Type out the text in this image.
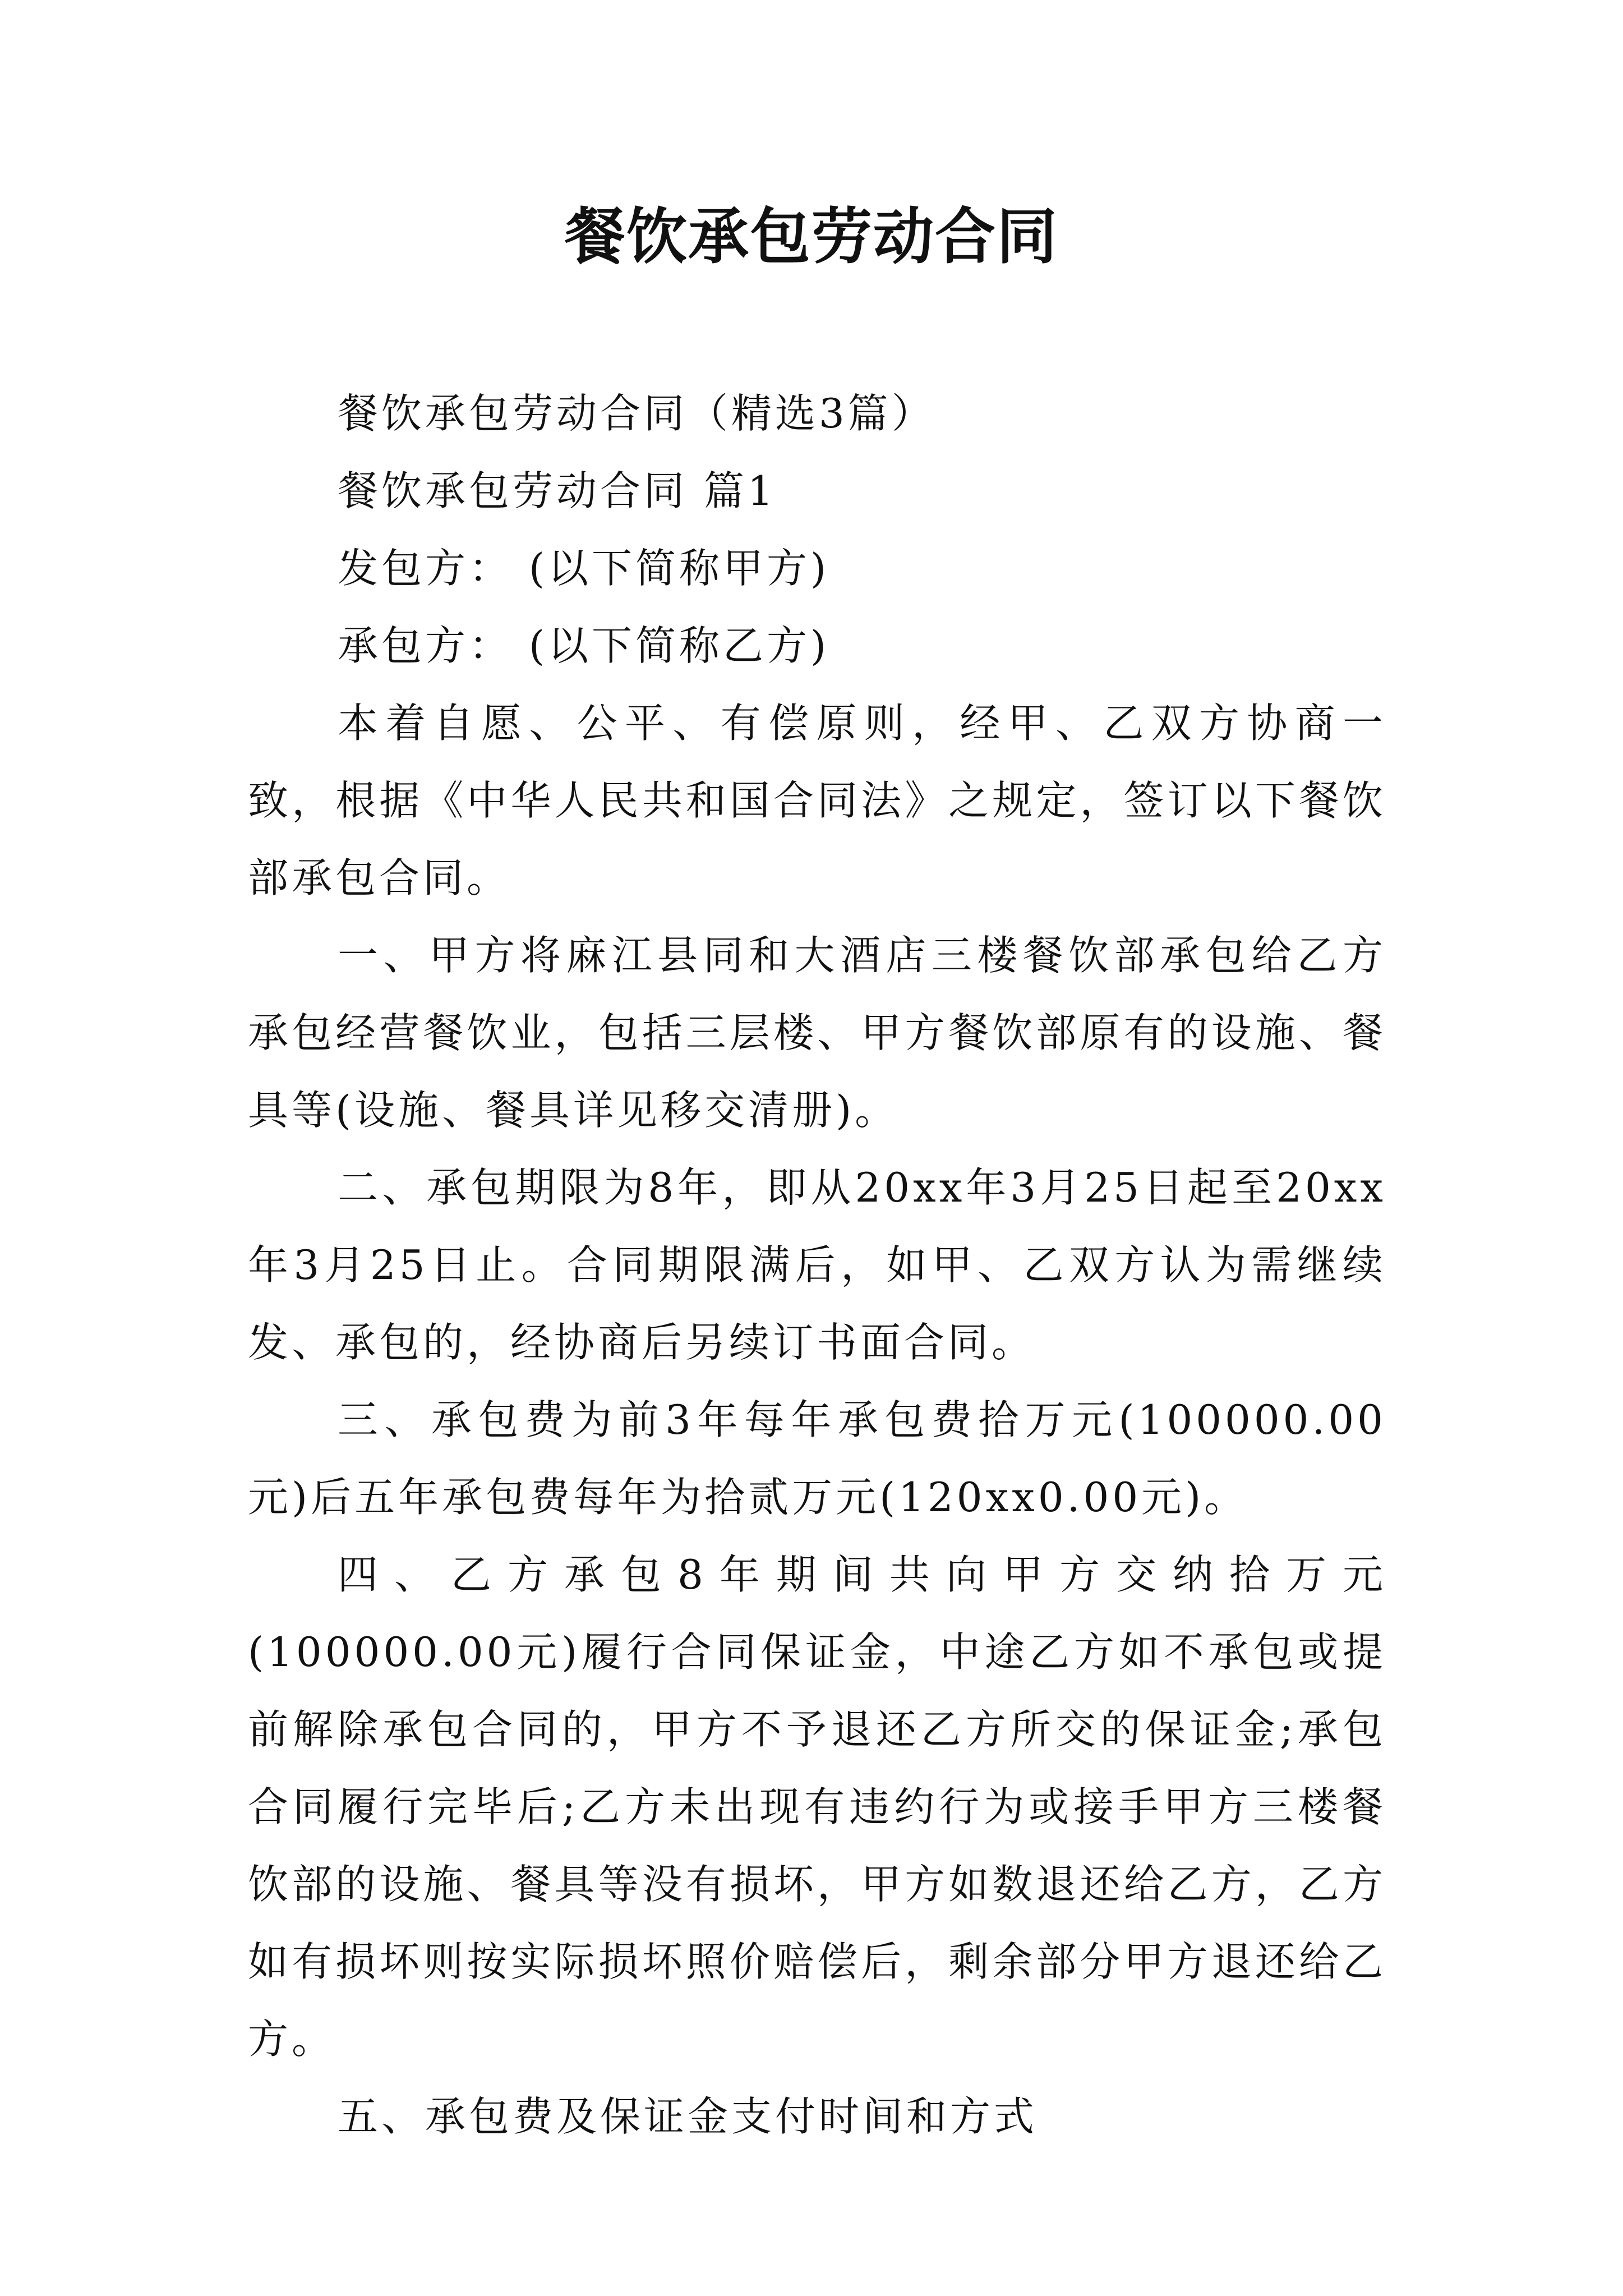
餐饮承包劳动合同

餐饮承包劳动合同（精选3篇）

餐饮承包劳动合同 篇1

发包方： (以下简称甲方)

承包方： (以下简称乙方)

本着自愿、公平、有偿原则，经甲、乙双方协商一致，根据《中华人民共和国合同法》之规定，签订以下餐饮部承包合同。

一、甲方将麻江县同和大酒店三楼餐饮部承包给乙方承包经营餐饮业，包括三层楼、甲方餐饮部原有的设施、餐具等(设施、餐具详见移交清册)。

二、承包期限为8年，即从20xx年3月25日起至20xx年3月25日止。合同期限满后，如甲、乙双方认为需继续发、承包的，经协商后另续订书面合同。

三、承包费为前3年每年承包费拾万元(100000.00元)后五年承包费每年为拾贰万元(120xx0.00元)。

四、乙方承包8年期间共向甲方交纳拾万元(100000.00元)履行合同保证金，中途乙方如不承包或提前解除承包合同的，甲方不予退还乙方所交的保证金;承包合同履行完毕后;乙方未出现有违约行为或接手甲方三楼餐饮部的设施、餐具等没有损坏，甲方如数退还给乙方，乙方如有损坏则按实际损坏照价赔偿后，剩余部分甲方退还给乙方。

五、承包费及保证金支付时间和方式
